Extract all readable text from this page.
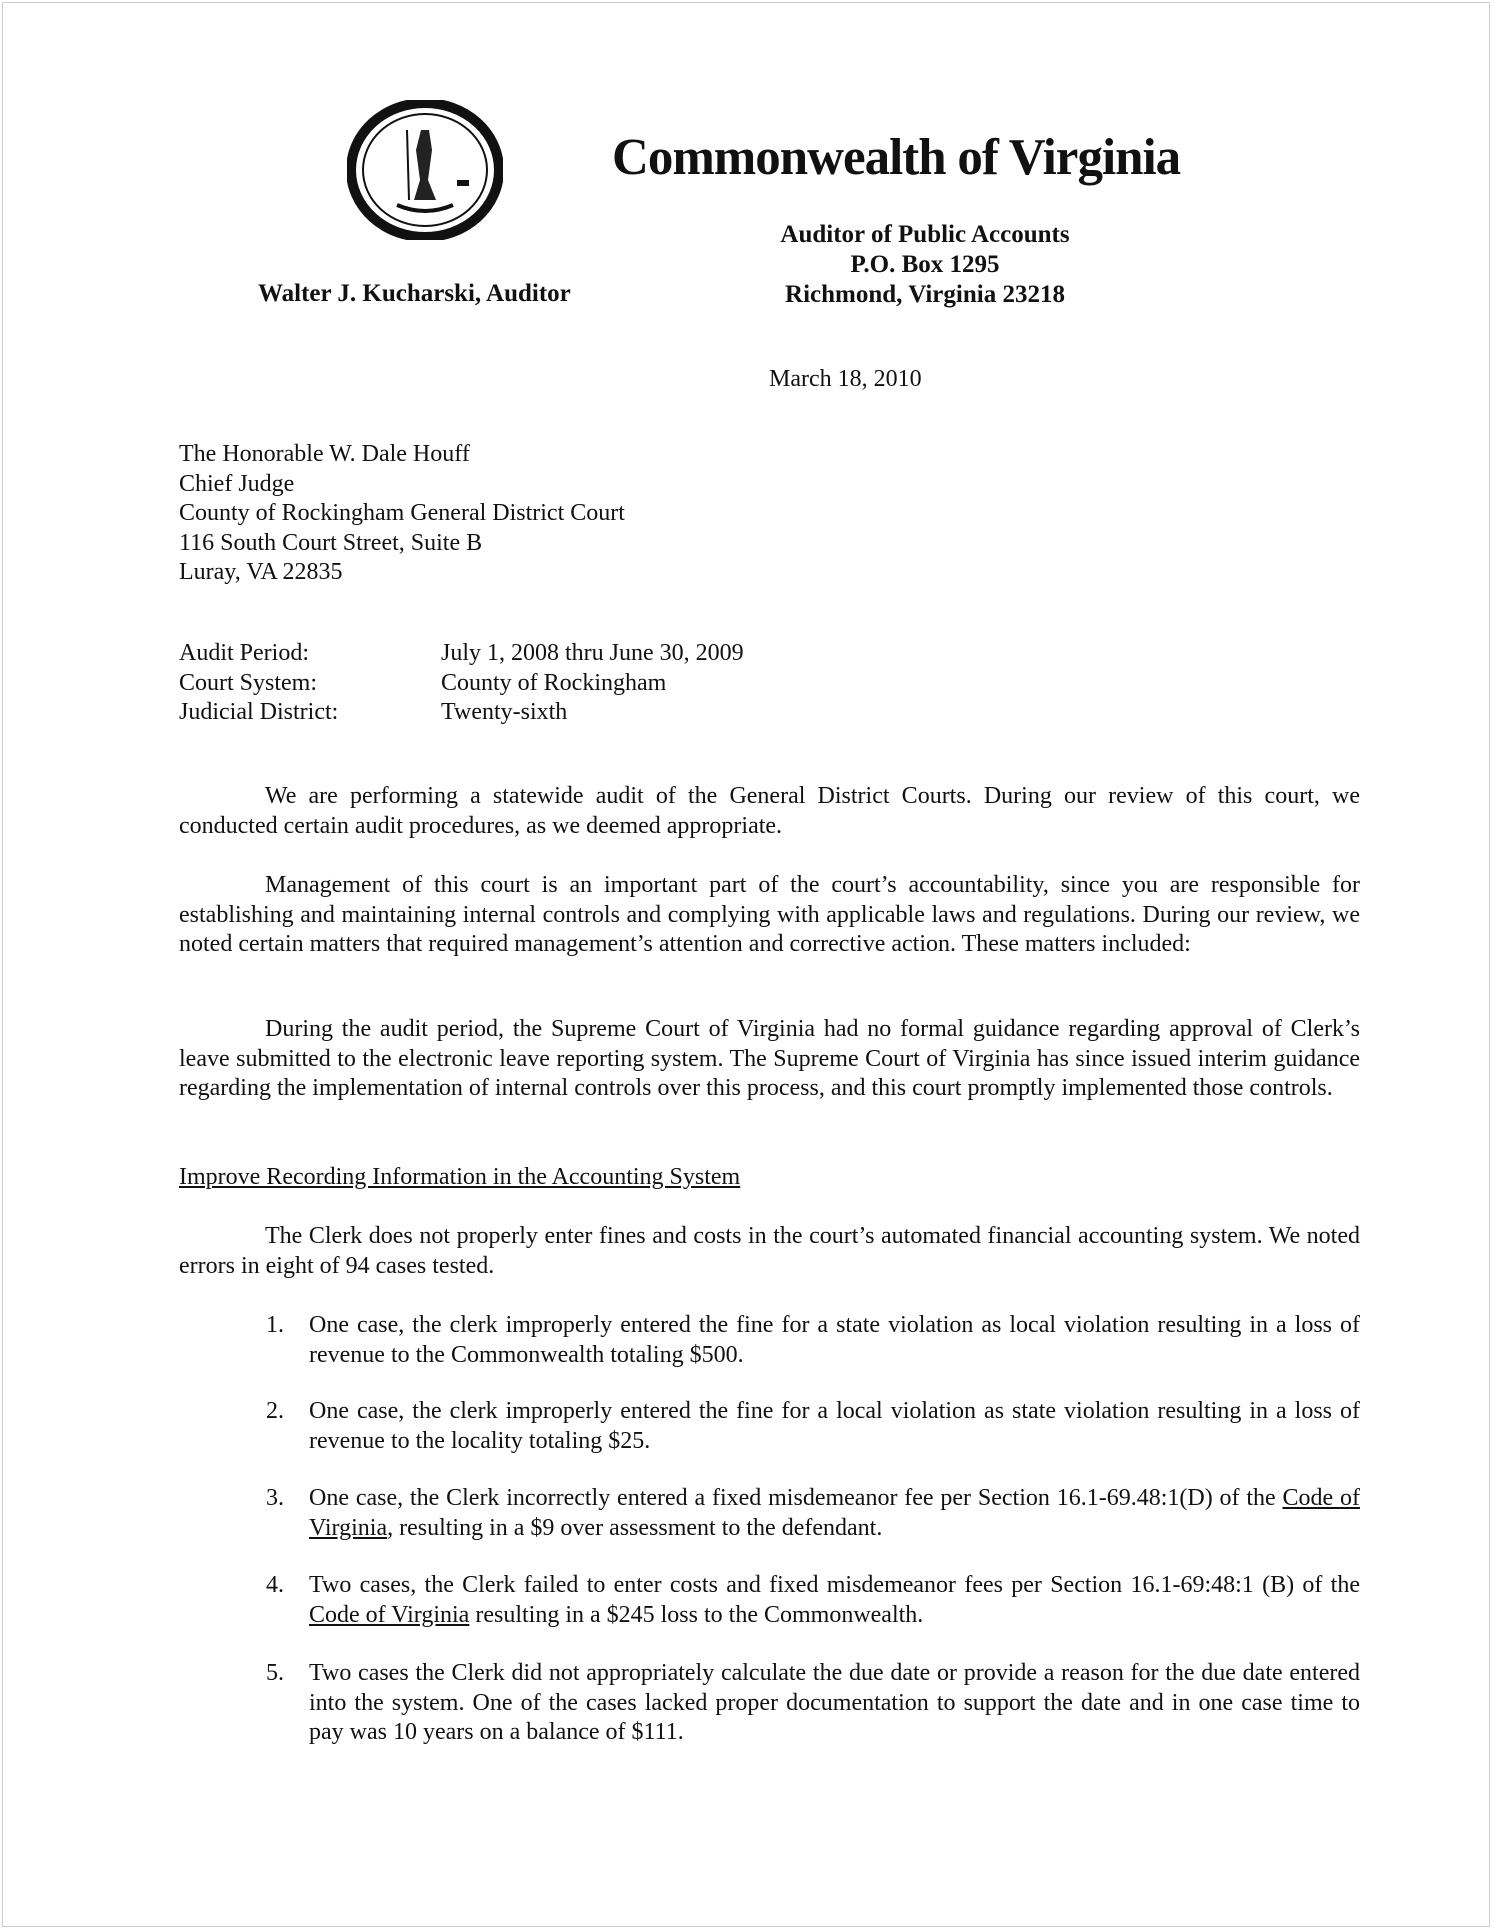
Commonwealth of Virginia
Auditor of Public Accounts
P.O. Box 1295
Richmond, Virginia 23218
Walter J. Kucharski, Auditor
March 18, 2010
The Honorable W. Dale Houff
Chief Judge
County of Rockingham General District Court
116 South Court Street, Suite B
Luray, VA 22835
Audit Period:	July 1, 2008 thru June 30, 2009
Court System:	County of Rockingham
Judicial District:	Twenty-sixth
We are performing a statewide audit of the General District Courts. During our review of this court, we conducted certain audit procedures, as we deemed appropriate.
Management of this court is an important part of the court’s accountability, since you are responsible for establishing and maintaining internal controls and complying with applicable laws and regulations. During our review, we noted certain matters that required management’s attention and corrective action. These matters included:
During the audit period, the Supreme Court of Virginia had no formal guidance regarding approval of Clerk’s leave submitted to the electronic leave reporting system. The Supreme Court of Virginia has since issued interim guidance regarding the implementation of internal controls over this process, and this court promptly implemented those controls.
Improve Recording Information in the Accounting System
The Clerk does not properly enter fines and costs in the court’s automated financial accounting system. We noted errors in eight of 94 cases tested.
1.	One case, the clerk improperly entered the fine for a state violation as local violation resulting in a loss of revenue to the Commonwealth totaling $500.
2.	One case, the clerk improperly entered the fine for a local violation as state violation resulting in a loss of revenue to the locality totaling $25.
3.	One case, the Clerk incorrectly entered a fixed misdemeanor fee per Section 16.1-69.48:1(D) of the Code of Virginia, resulting in a $9 over assessment to the defendant.
4.	Two cases, the Clerk failed to enter costs and fixed misdemeanor fees per Section 16.1-69:48:1 (B) of the Code of Virginia resulting in a $245 loss to the Commonwealth.
5.	Two cases the Clerk did not appropriately calculate the due date or provide a reason for the due date entered into the system. One of the cases lacked proper documentation to support the date and in one case time to pay was 10 years on a balance of $111.
